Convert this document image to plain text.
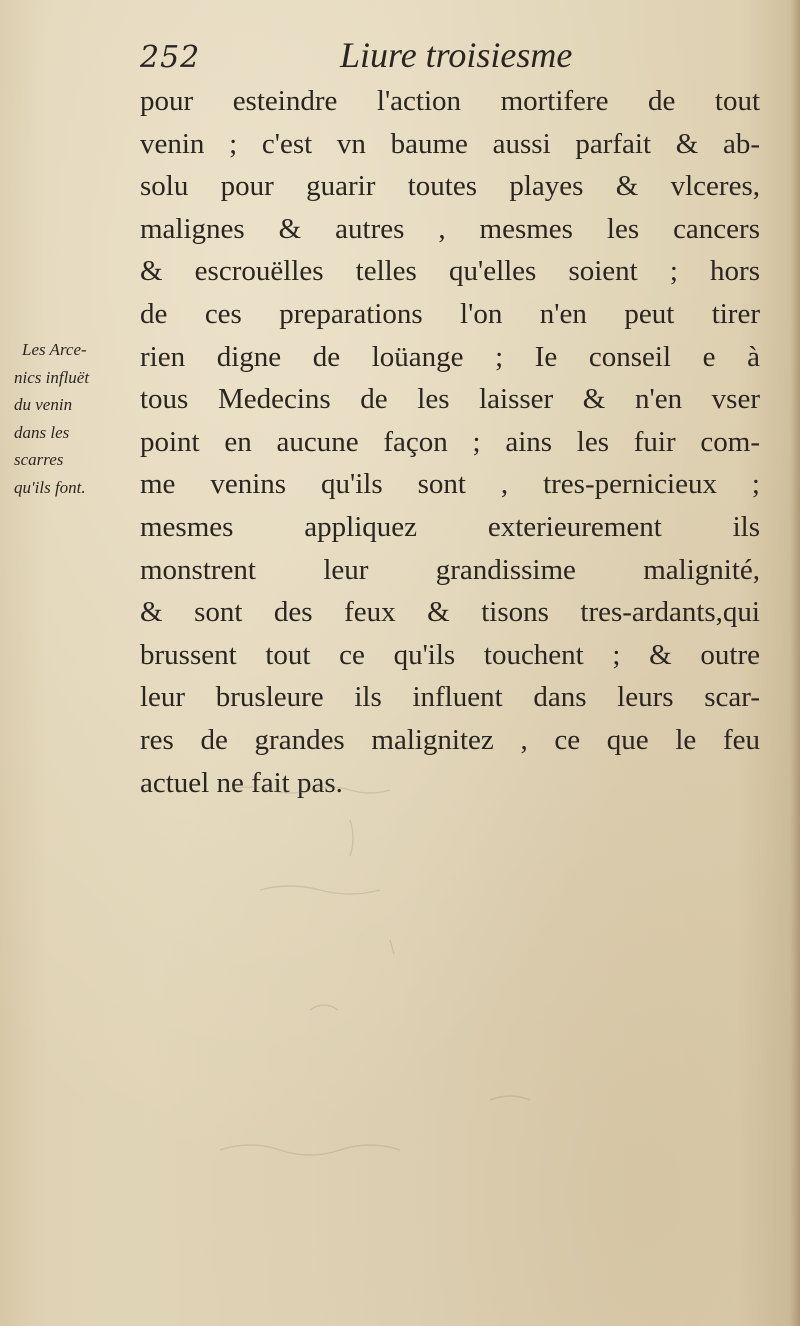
252	Liure troisiesme
Les Arce-
nics influët
du venin
dans les
scarres
qu'ils font.
pour esteindre l'action mortifere de tout
venin ; c'est vn baume aussi parfait & ab-
solu pour guarir toutes playes & vlceres,
malignes & autres , mesmes les cancers
& escrouëlles telles qu'elles soient ; hors
de ces preparations l'on n'en peut tirer
rien digne de loüange ; Ie conseil e à
tous Medecins de les laisser & n'en vser
point en aucune façon ; ains les fuir com-
me venins qu'ils sont , tres-pernicieux ;
mesmes appliquez exterieurement ils
monstrent leur grandissime malignité,
& sont des feux & tisons tres-ardants,qui
brussent tout ce qu'ils touchent ; & outre
leur brusleure ils influent dans leurs scar-
res de grandes malignitez , ce que le feu
actuel ne fait pas.
